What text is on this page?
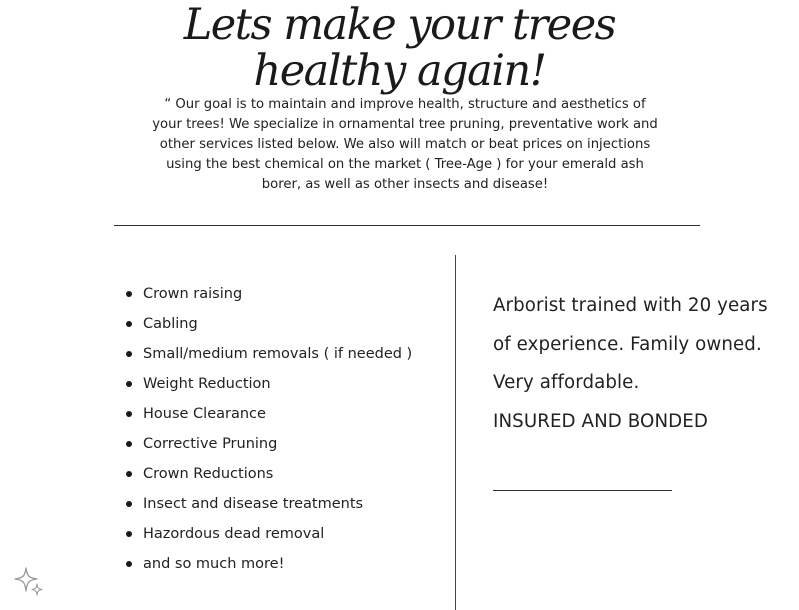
Lets make your trees
healthy again!

“ Our goal is to maintain and improve health, structure and aesthetics of your trees! We specialize in ornamental tree pruning, preventative work and other services listed below. We also will match or beat prices on injections using the best chemical on the market ( Tree-Age ) for your emerald ash borer, as well as other insects and disease!

Crown raising
Cabling
Small/medium removals ( if needed )
Weight Reduction
House Clearance
Corrective Pruning
Crown Reductions
Insect and disease treatments
Hazordous dead removal
and so much more!

Arborist trained with 20 years of experience. Family owned. Very affordable.

INSURED AND BONDED
